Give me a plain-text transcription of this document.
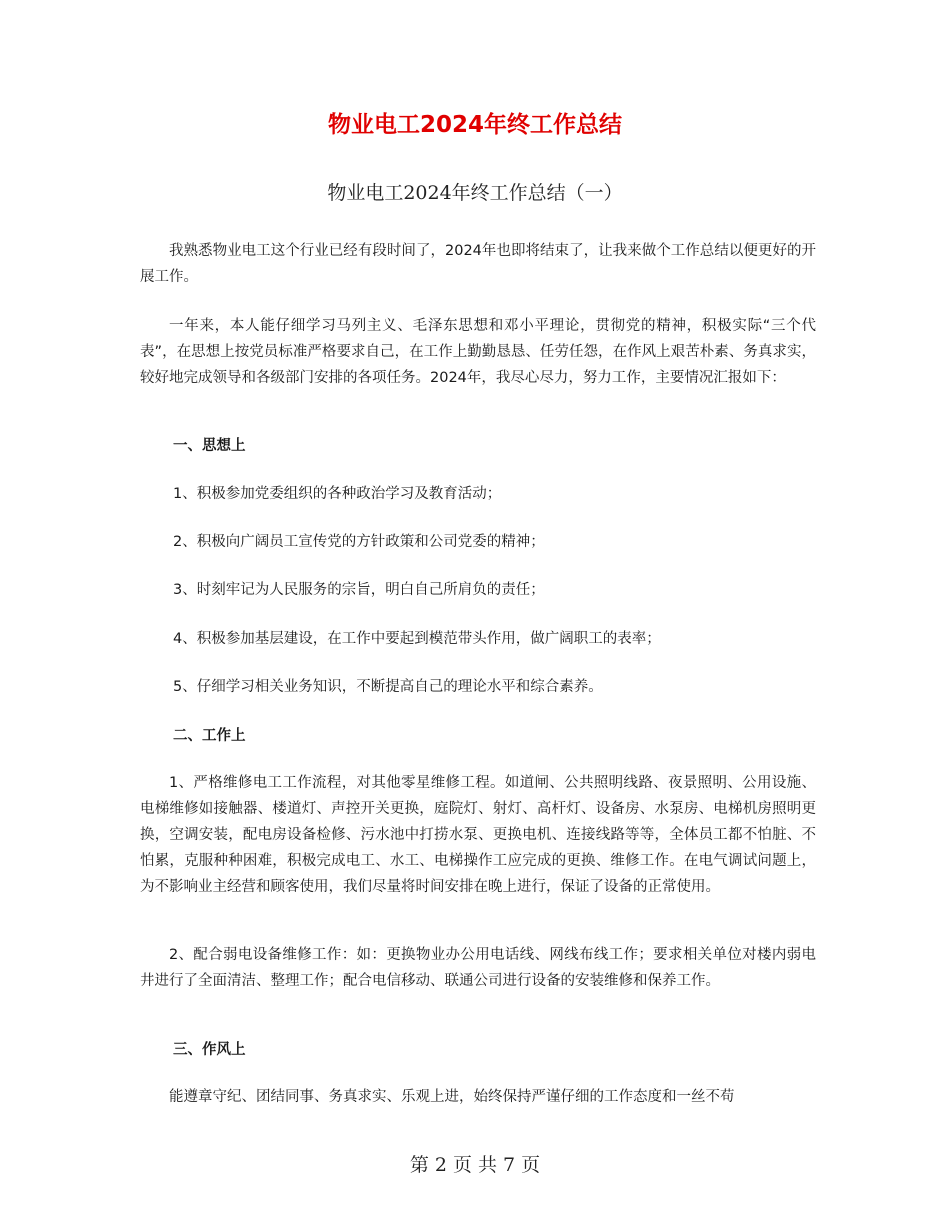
物业电工2024年终工作总结
物业电工2024年终工作总结（一）

我熟悉物业电工这个行业已经有段时间了，2024年也即将结束了，让我来做个工作总结以便更好的开展工作。

一年来，本人能仔细学习马列主义、毛泽东思想和邓小平理论，贯彻党的精神，积极实际“三个代表”，在思想上按党员标准严格要求自己，在工作上勤勤恳恳、任劳任怨，在作风上艰苦朴素、务真求实，较好地完成领导和各级部门安排的各项任务。2024年，我尽心尽力，努力工作，主要情况汇报如下：

一、思想上
1、积极参加党委组织的各种政治学习及教育活动；
2、积极向广阔员工宣传党的方针政策和公司党委的精神；
3、时刻牢记为人民服务的宗旨，明白自己所肩负的责任；
4、积极参加基层建设，在工作中要起到模范带头作用，做广阔职工的表率；
5、仔细学习相关业务知识，不断提高自己的理论水平和综合素养。
二、工作上

1、严格维修电工工作流程，对其他零星维修工程。如道闸、公共照明线路、夜景照明、公用设施、电梯维修如接触器、楼道灯、声控开关更换，庭院灯、射灯、高杆灯、设备房、水泵房、电梯机房照明更换，空调安装，配电房设备检修、污水池中打捞水泵、更换电机、连接线路等等，全体员工都不怕脏、不怕累，克服种种困难，积极完成电工、水工、电梯操作工应完成的更换、维修工作。在电气调试问题上，为不影响业主经营和顾客使用，我们尽量将时间安排在晚上进行，保证了设备的正常使用。

2、配合弱电设备维修工作：如：更换物业办公用电话线、网线布线工作；要求相关单位对楼内弱电井进行了全面清洁、整理工作；配合电信移动、联通公司进行设备的安装维修和保养工作。

三、作风上

能遵章守纪、团结同事、务真求实、乐观上进，始终保持严谨仔细的工作态度和一丝不苟

第 2 页 共 7 页
